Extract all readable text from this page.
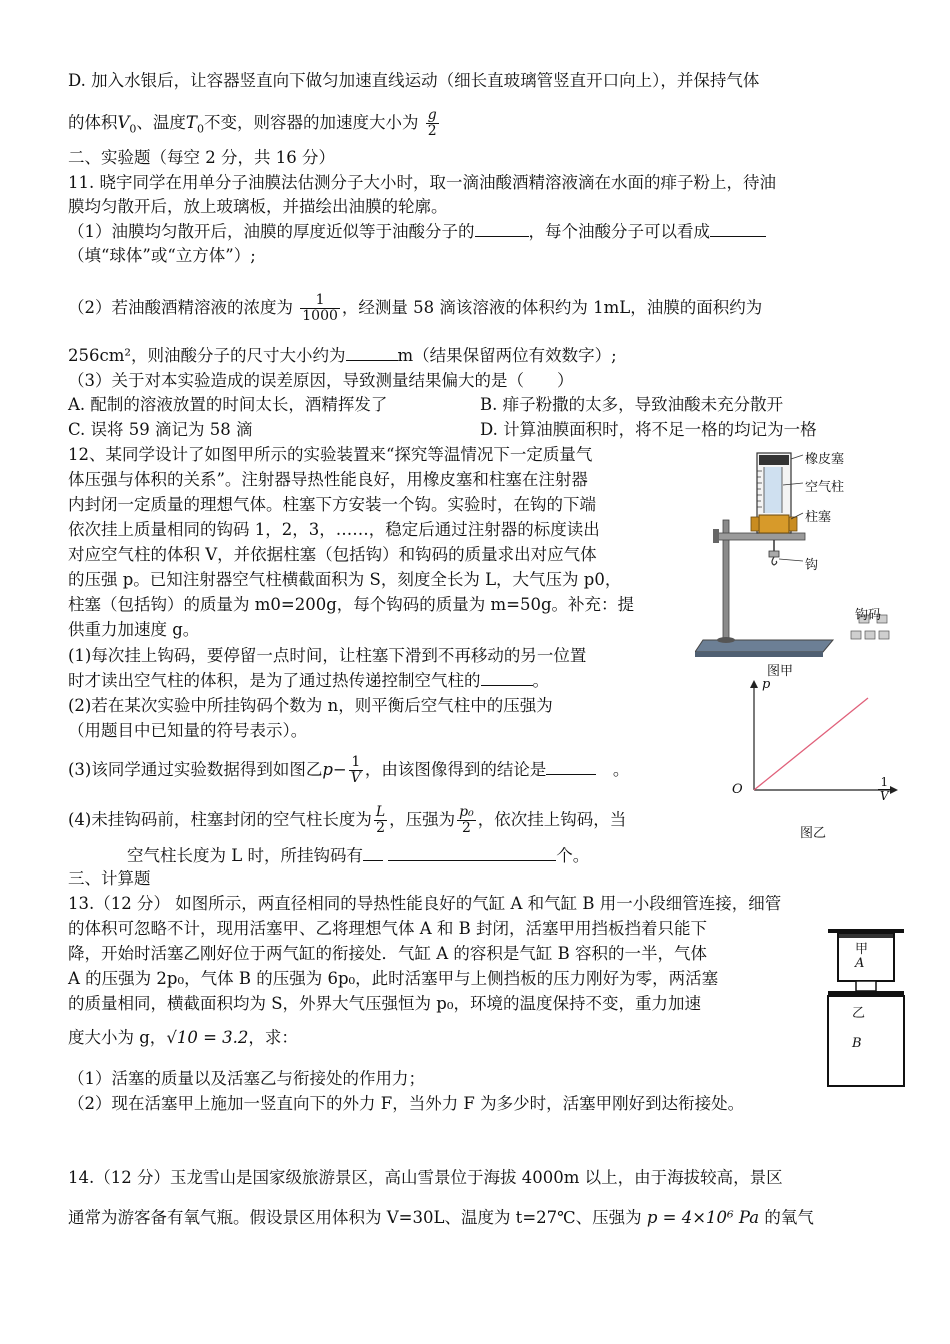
D. 加入水银后，让容器竖直向下做匀加速直线运动（细长直玻璃管竖直开口向上），并保持气体
的体积$V_0$、温度$T_0$不变，则容器的加速度大小为 $\frac{g}{2}$
二、实验题（每空 2 分，共 16 分）
11. 晓宇同学在用单分子油膜法估测分子大小时，取一滴油酸酒精溶液滴在水面的痱子粉上，待油
膜均匀散开后，放上玻璃板，并描绘出油膜的轮廓。
（1）油膜均匀散开后，油膜的厚度近似等于油酸分子的	，每个油酸分子可以看成
（填“球体”或“立方体”）;
（2）若油酸酒精溶液的浓度为 $\frac{1}{1000}$ ，经测量 58 滴该溶液的体积约为 1mL，油膜的面积约为
256cm²，则油酸分子的尺寸大小约为	m（结果保留两位有效数字）;
（3）关于对本实验造成的误差原因，导致测量结果偏大的是（　　）
A. 配制的溶液放置的时间太长，酒精挥发了	B. 痱子粉撒的太多，导致油酸未充分散开
C. 误将 59 滴记为 58 滴	D. 计算油膜面积时，将不足一格的均记为一格
12、某同学设计了如图甲所示的实验装置来“探究等温情况下一定质量气
体压强与体积的关系”。注射器导热性能良好，用橡皮塞和柱塞在注射器
内封闭一定质量的理想气体。柱塞下方安装一个钩。实验时，在钩的下端
依次挂上质量相同的钩码 1，2，3，……，稳定后通过注射器的标度读出
对应空气柱的体积 V，并依据柱塞（包括钩）和钩码的质量求出对应气体
的压强 p。已知注射器空气柱横截面积为 S，刻度全长为 L，大气压为 p0，
柱塞（包括钩）的质量为 m0=200g，每个钩码的质量为 m=50g。补充：提
供重力加速度 g。
(1)每次挂上钩码，要停留一点时间，让柱塞下滑到不再移动的另一位置
时才读出空气柱的体积，是为了通过热传递控制空气柱的	。
(2)若在某次实验中所挂钩码个数为 n，则平衡后空气柱中的压强为
（用题目中已知量的符号表示）。
(3)该同学通过实验数据得到如图乙$p- \frac{1}{V}$ ，由该图像得到的结论是	　。
(4)未挂钩码前，柱塞封闭的空气柱长度为 $\frac{L}{2}$ ，压强为 $\frac{\text{p₀}}{2}$ ，依次挂上钩码，当
空气柱长度为 L 时，所挂钩码有	个。
三、计算题
13.（12 分） 如图所示，两直径相同的导热性能良好的气缸 A 和气缸 B 用一小段细管连接，细管
的体积可忽略不计，现用活塞甲、乙将理想气体 A 和 B 封闭，活塞甲用挡板挡着只能下
降，开始时活塞乙刚好位于两气缸的衔接处．气缸 A 的容积是气缸 B 容积的一半，气体
A 的压强为 2p₀，气体 B 的压强为 6p₀，此时活塞甲与上侧挡板的压力刚好为零，两活塞
的质量相同，横截面积均为 S，外界大气压强恒为 p₀，环境的温度保持不变，重力加速
度大小为 g，√10 = 3.2，求：
（1）活塞的质量以及活塞乙与衔接处的作用力；
（2）现在活塞甲上施加一竖直向下的外力 F，当外力 F 为多少时，活塞甲刚好到达衔接处。
14.（12 分）玉龙雪山是国家级旅游景区，高山雪景位于海拔 4000m 以上，由于海拔较高，景区
通常为游客备有氧气瓶。假设景区用体积为 V=30L、温度为 t=27℃、压强为 p = 4×10⁶ Pa 的氧气
橡皮塞
空气柱
柱塞
钩
钩码
图甲
p
O	$\frac{1}{V}$
图乙
甲
A
乙
B
